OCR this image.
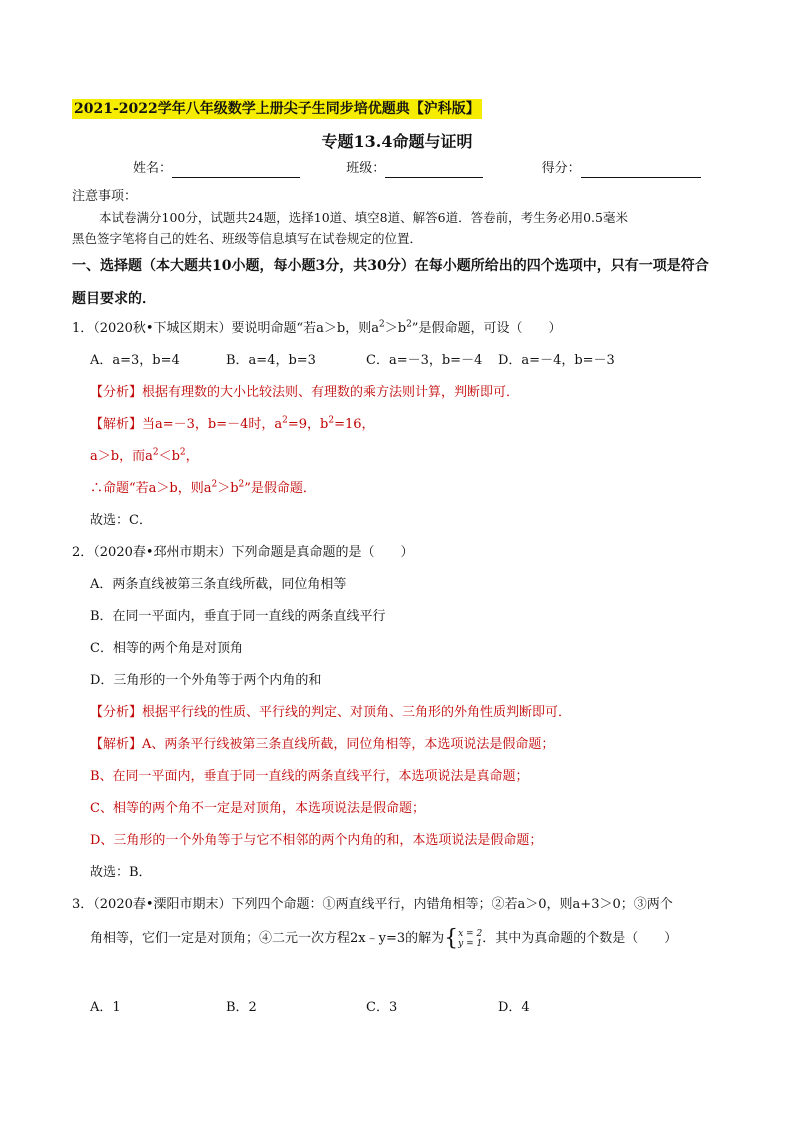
2021-2022学年八年级数学上册尖子生同步培优题典【沪科版】
专题13.4命题与证明
姓名：	班级：	得分：
注意事项：
本试卷满分100分，试题共24题，选择10道、填空8道、解答6道．答卷前，考生务必用0.5毫米
黑色签字笔将自己的姓名、班级等信息填写在试卷规定的位置．
一、选择题（本大题共10小题，每小题3分，共30分）在每小题所给出的四个选项中，只有一项是符合
题目要求的．
1．（2020秋•下城区期末）要说明命题“若a＞b，则$a^2>b^2$”是假命题，可设（　　）
A．a=3，b=4	B．a=4，b=3	C．a=－3，b=－4 D．a=－4，b=－3
【分析】根据有理数的大小比较法则、有理数的乘方法则计算，判断即可．
【解析】当a=－3，b=－4时，$a^2=9$，$b^2=16$，
a＞b，而$a^2<b^2$，
∴命题“若a＞b，则$a^2>b^2$”是假命题．
故选：C．
2．（2020春•邳州市期末）下列命题是真命题的是（　　）
A．两条直线被第三条直线所截，同位角相等
B．在同一平面内，垂直于同一直线的两条直线平行
C．相等的两个角是对顶角
D．三角形的一个外角等于两个内角的和
【分析】根据平行线的性质、平行线的判定、对顶角、三角形的外角性质判断即可．
【解析】A、两条平行线被第三条直线所截，同位角相等，本选项说法是假命题；
B、在同一平面内，垂直于同一直线的两条直线平行，本选项说法是真命题；
C、相等的两个角不一定是对顶角，本选项说法是假命题；
D、三角形的一个外角等于与它不相邻的两个内角的和，本选项说法是假命题；
故选：B．
3．（2020春•溧阳市期末）下列四个命题：①两直线平行，内错角相等；②若a＞0，则a+3＞0；③两个
角相等，它们一定是对顶角；④二元一次方程2x﹣y=3的解为{x = 2
y = 1．其中为真命题的个数是（　　）
A．1	B．2	C．3	D．4
